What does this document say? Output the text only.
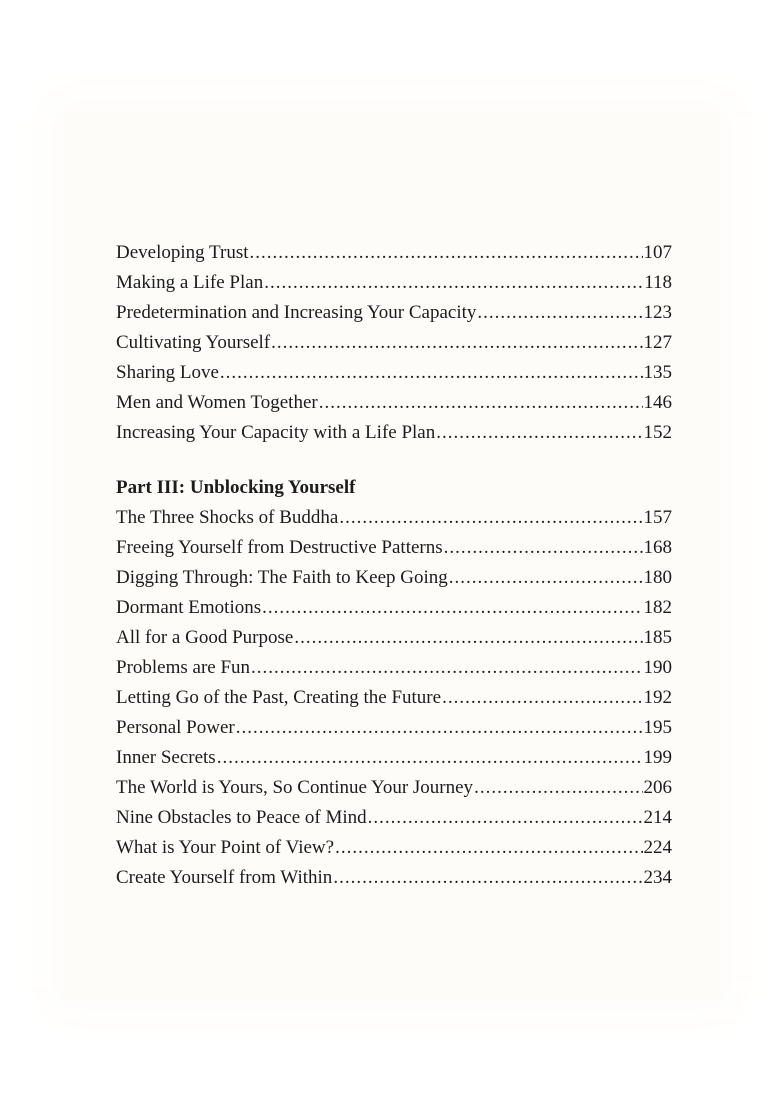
Developing Trust .....	107
Making a Life Plan .....	118
Predetermination and Increasing Your Capacity .....	123
Cultivating Yourself .....	127
Sharing Love .....	135
Men and Women Together .....	146
Increasing Your Capacity with a Life Plan .....	152
Part III: Unblocking Yourself
The Three Shocks of Buddha .....	157
Freeing Yourself from Destructive Patterns .....	168
Digging Through: The Faith to Keep Going .....	180
Dormant Emotions .....	182
All for a Good Purpose .....	185
Problems are Fun .....	190
Letting Go of the Past, Creating the Future .....	192
Personal Power .....	195
Inner Secrets .....	199
The World is Yours, So Continue Your Journey .....	206
Nine Obstacles to Peace of Mind .....	214
What is Your Point of View? .....	224
Create Yourself from Within .....	234
